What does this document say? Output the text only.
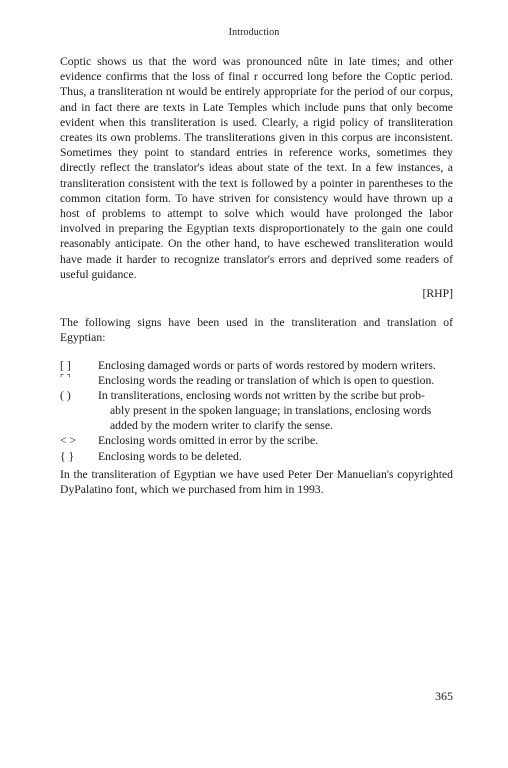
Introduction

Coptic shows us that the word was pronounced nûte in late times; and other evidence confirms that the loss of final r occurred long before the Coptic period. Thus, a transliteration nt would be entirely appropriate for the period of our corpus, and in fact there are texts in Late Temples which include puns that only become evident when this transliteration is used. Clearly, a rigid policy of transliteration creates its own problems. The transliterations given in this corpus are inconsistent. Sometimes they point to standard entries in reference works, sometimes they directly reflect the translator's ideas about state of the text. In a few instances, a transliteration consistent with the text is followed by a pointer in parentheses to the common citation form. To have striven for consistency would have thrown up a host of problems to attempt to solve which would have prolonged the labor involved in preparing the Egyptian texts disproportionately to the gain one could reasonably anticipate. On the other hand, to have eschewed transliteration would have made it harder to recognize translator's errors and deprived some readers of useful guidance.

[RHP]

The following signs have been used in the transliteration and translation of Egyptian:

[ ]	Enclosing damaged words or parts of words restored by modern writers.
⌜ ⌝	Enclosing words the reading or translation of which is open to question.
( )	In transliterations, enclosing words not written by the scribe but prob-
ably present in the spoken language; in translations, enclosing words added by the modern writer to clarify the sense.
< >	Enclosing words omitted in error by the scribe.
{ }	Enclosing words to be deleted.

In the transliteration of Egyptian we have used Peter Der Manuelian's copyrighted DyPalatino font, which we purchased from him in 1993.

365
